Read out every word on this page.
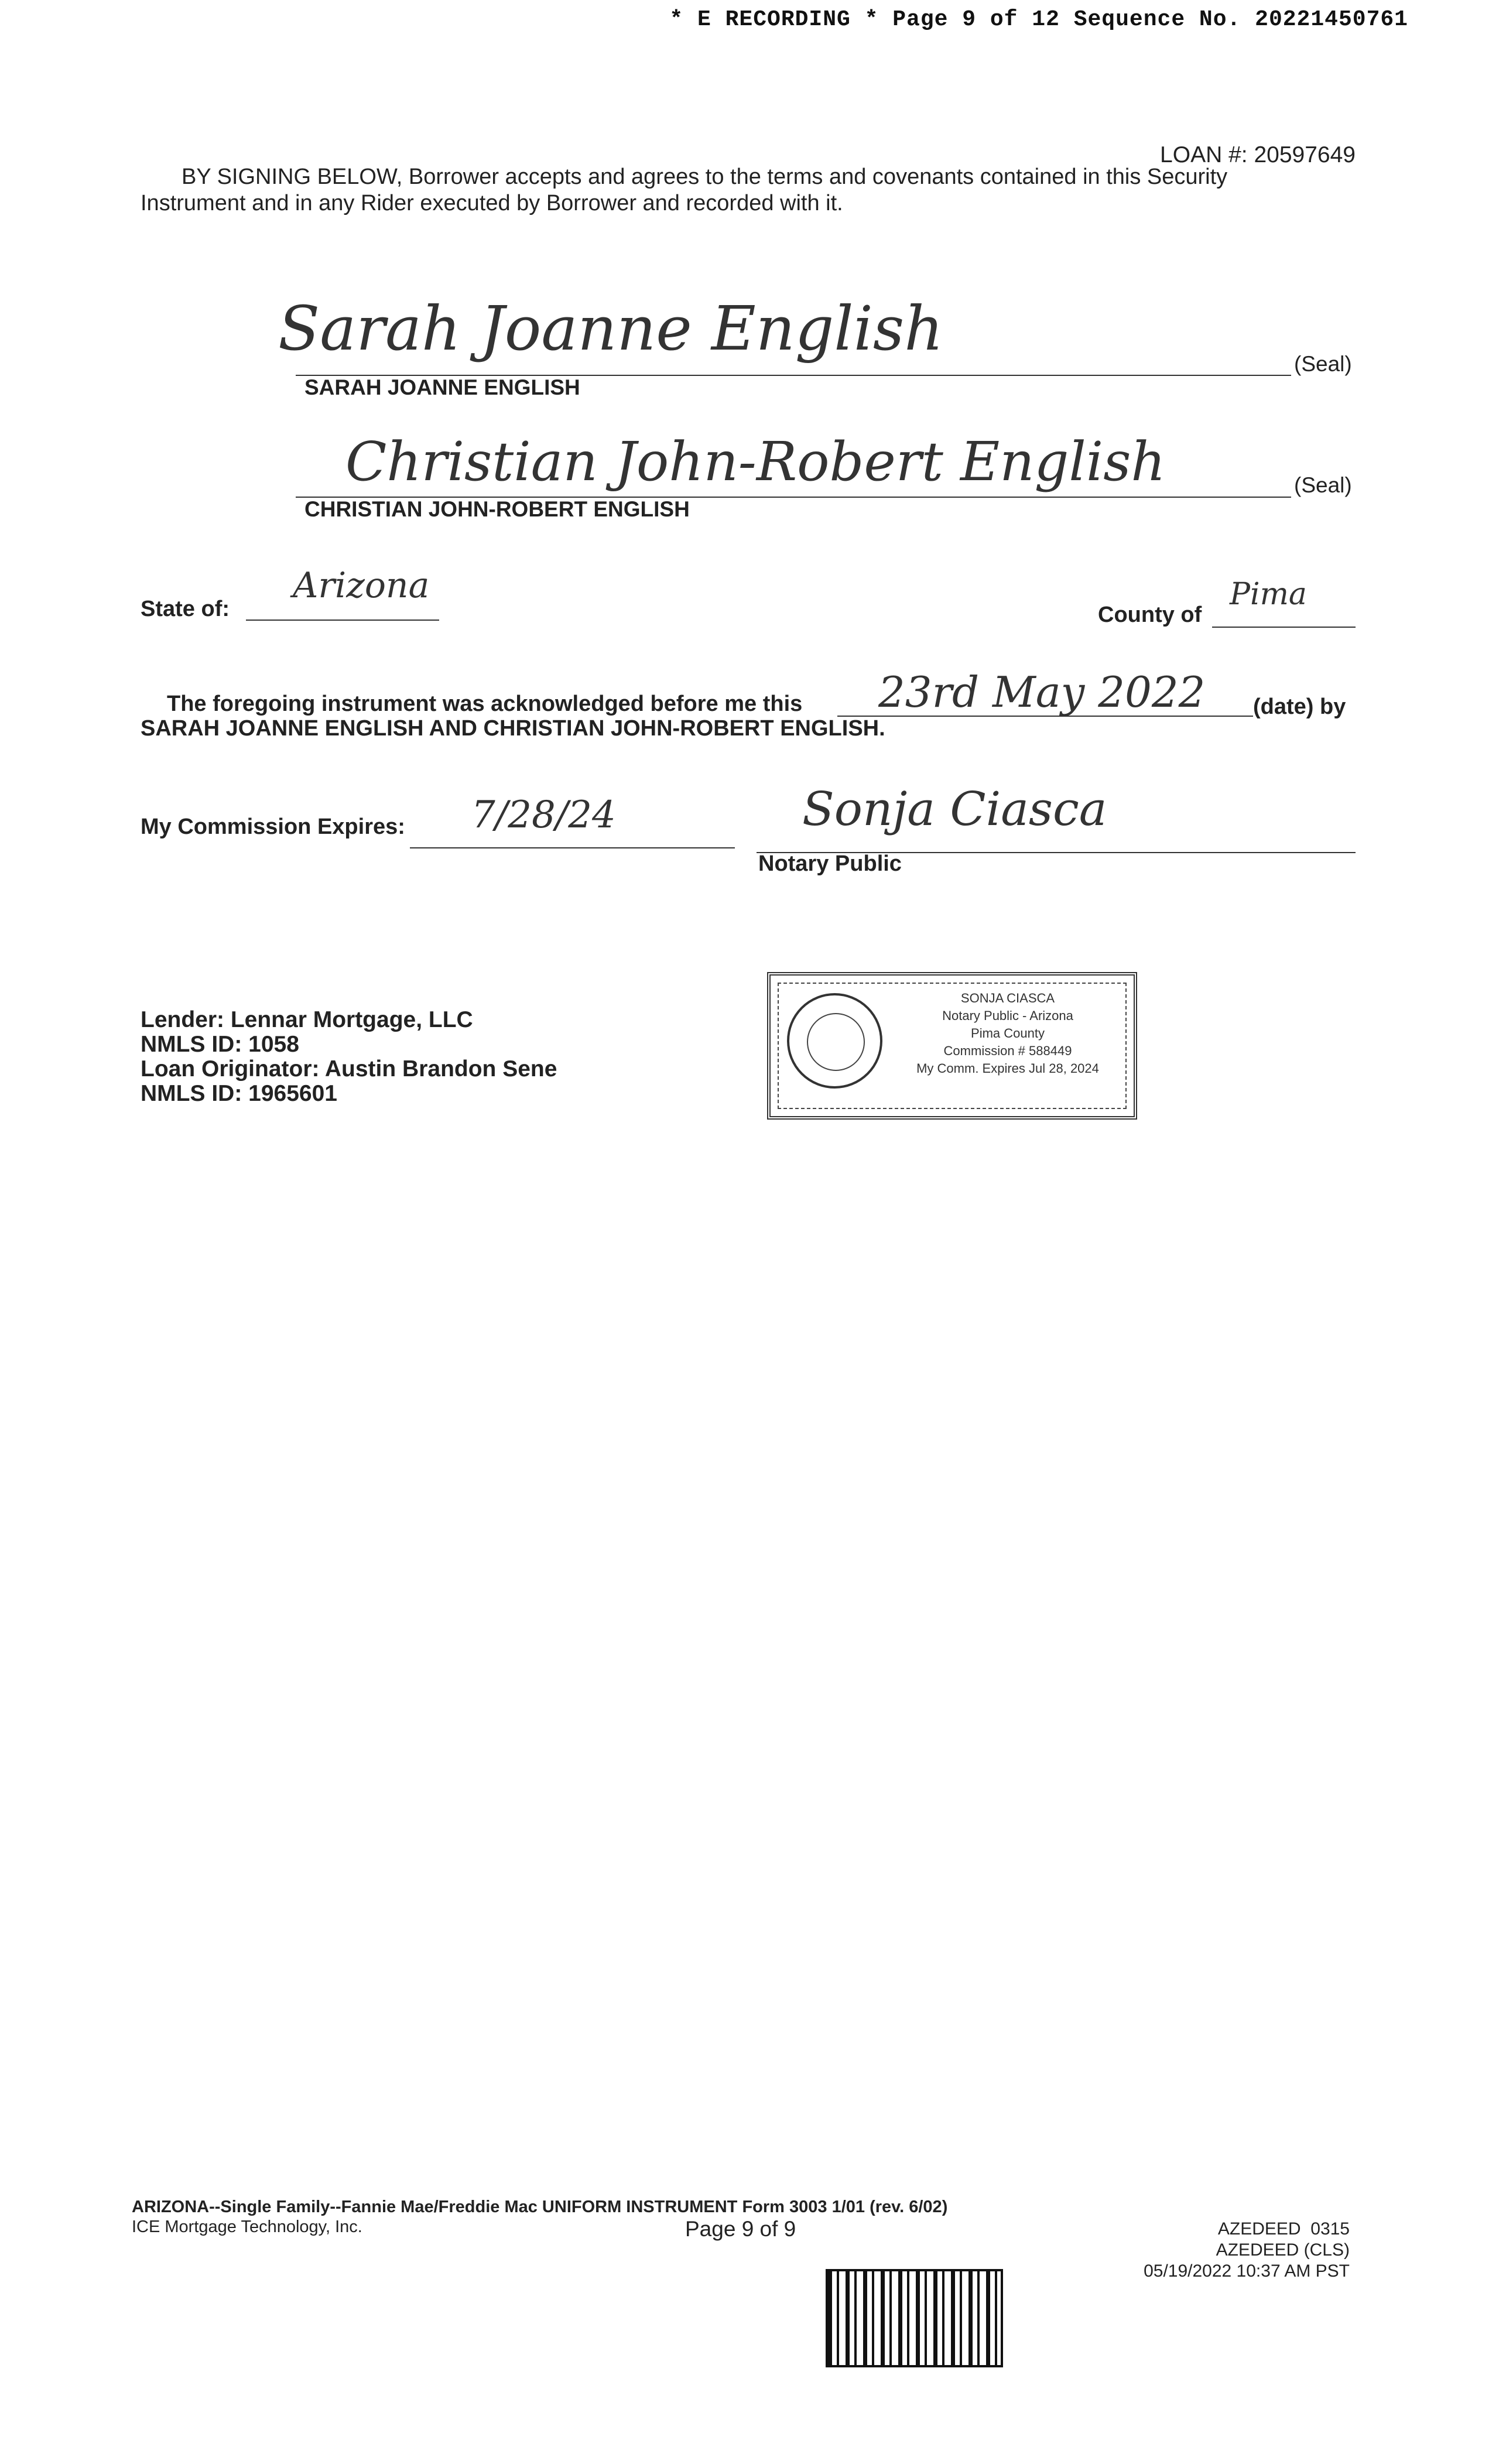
* E RECORDING * Page 9 of 12 Sequence No. 20221450761
LOAN #: 20597649
BY SIGNING BELOW, Borrower accepts and agrees to the terms and covenants contained in this Security
Instrument and in any Rider executed by Borrower and recorded with it.
Sarah Joanne English
SARAH JOANNE ENGLISH
(Seal)
Christian John-Robert English
CHRISTIAN JOHN-ROBERT ENGLISH
(Seal)
State of:
Arizona
County of
Pima
The foregoing instrument was acknowledged before me this 23rd May 2022 (date) by
SARAH JOANNE ENGLISH AND CHRISTIAN JOHN-ROBERT ENGLISH.
My Commission Expires: 7/28/24	Sonja Ciasca
Notary Public
Lender: Lennar Mortgage, LLC
NMLS ID: 1058
Loan Originator: Austin Brandon Sene
NMLS ID: 1965601
SONJA CIASCA
Notary Public - Arizona
Pima County
Commission # 588449
My Comm. Expires Jul 28, 2024
ARIZONA--Single Family--Fannie Mae/Freddie Mac UNIFORM INSTRUMENT Form 3003 1/01 (rev. 6/02)
ICE Mortgage Technology, Inc.	Page 9 of 9	AZEDEED  0315
AZEDEED (CLS)
05/19/2022 10:37 AM PST
